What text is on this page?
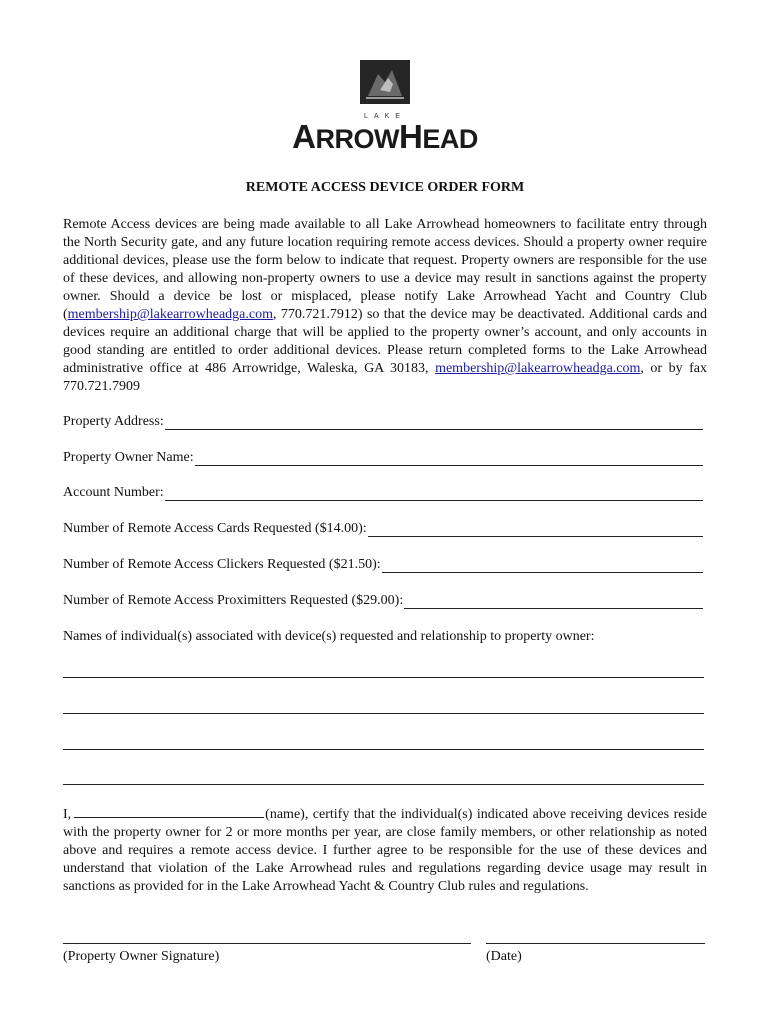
LAKE
ARROWHEAD
REMOTE ACCESS DEVICE ORDER FORM
Remote Access devices are being made available to all Lake Arrowhead homeowners to facilitate entry through the North Security gate, and any future location requiring remote access devices. Should a property owner require additional devices, please use the form below to indicate that request. Property owners are responsible for the use of these devices, and allowing non-property owners to use a device may result in sanctions against the property owner. Should a device be lost or misplaced, please notify Lake Arrowhead Yacht and Country Club (membership@lakearrowheadga.com, 770.721.7912) so that the device may be deactivated. Additional cards and devices require an additional charge that will be applied to the property owner’s account, and only accounts in good standing are entitled to order additional devices. Please return completed forms to the Lake Arrowhead administrative office at 486 Arrowridge, Waleska, GA 30183, membership@lakearrowheadga.com, or by fax 770.721.7909
Property Address:
Property Owner Name:
Account Number:
Number of Remote Access Cards Requested ($14.00):
Number of Remote Access Clickers Requested ($21.50):
Number of Remote Access Proximitters Requested ($29.00):
Names of individual(s) associated with device(s) requested and relationship to property owner:
I,	(name), certify that the individual(s) indicated above receiving devices reside with the property owner for 2 or more months per year, are close family members, or other relationship as noted above and requires a remote access device. I further agree to be responsible for the use of these devices and understand that violation of the Lake Arrowhead rules and regulations regarding device usage may result in sanctions as provided for in the Lake Arrowhead Yacht & Country Club rules and regulations.
(Property Owner Signature)	(Date)
